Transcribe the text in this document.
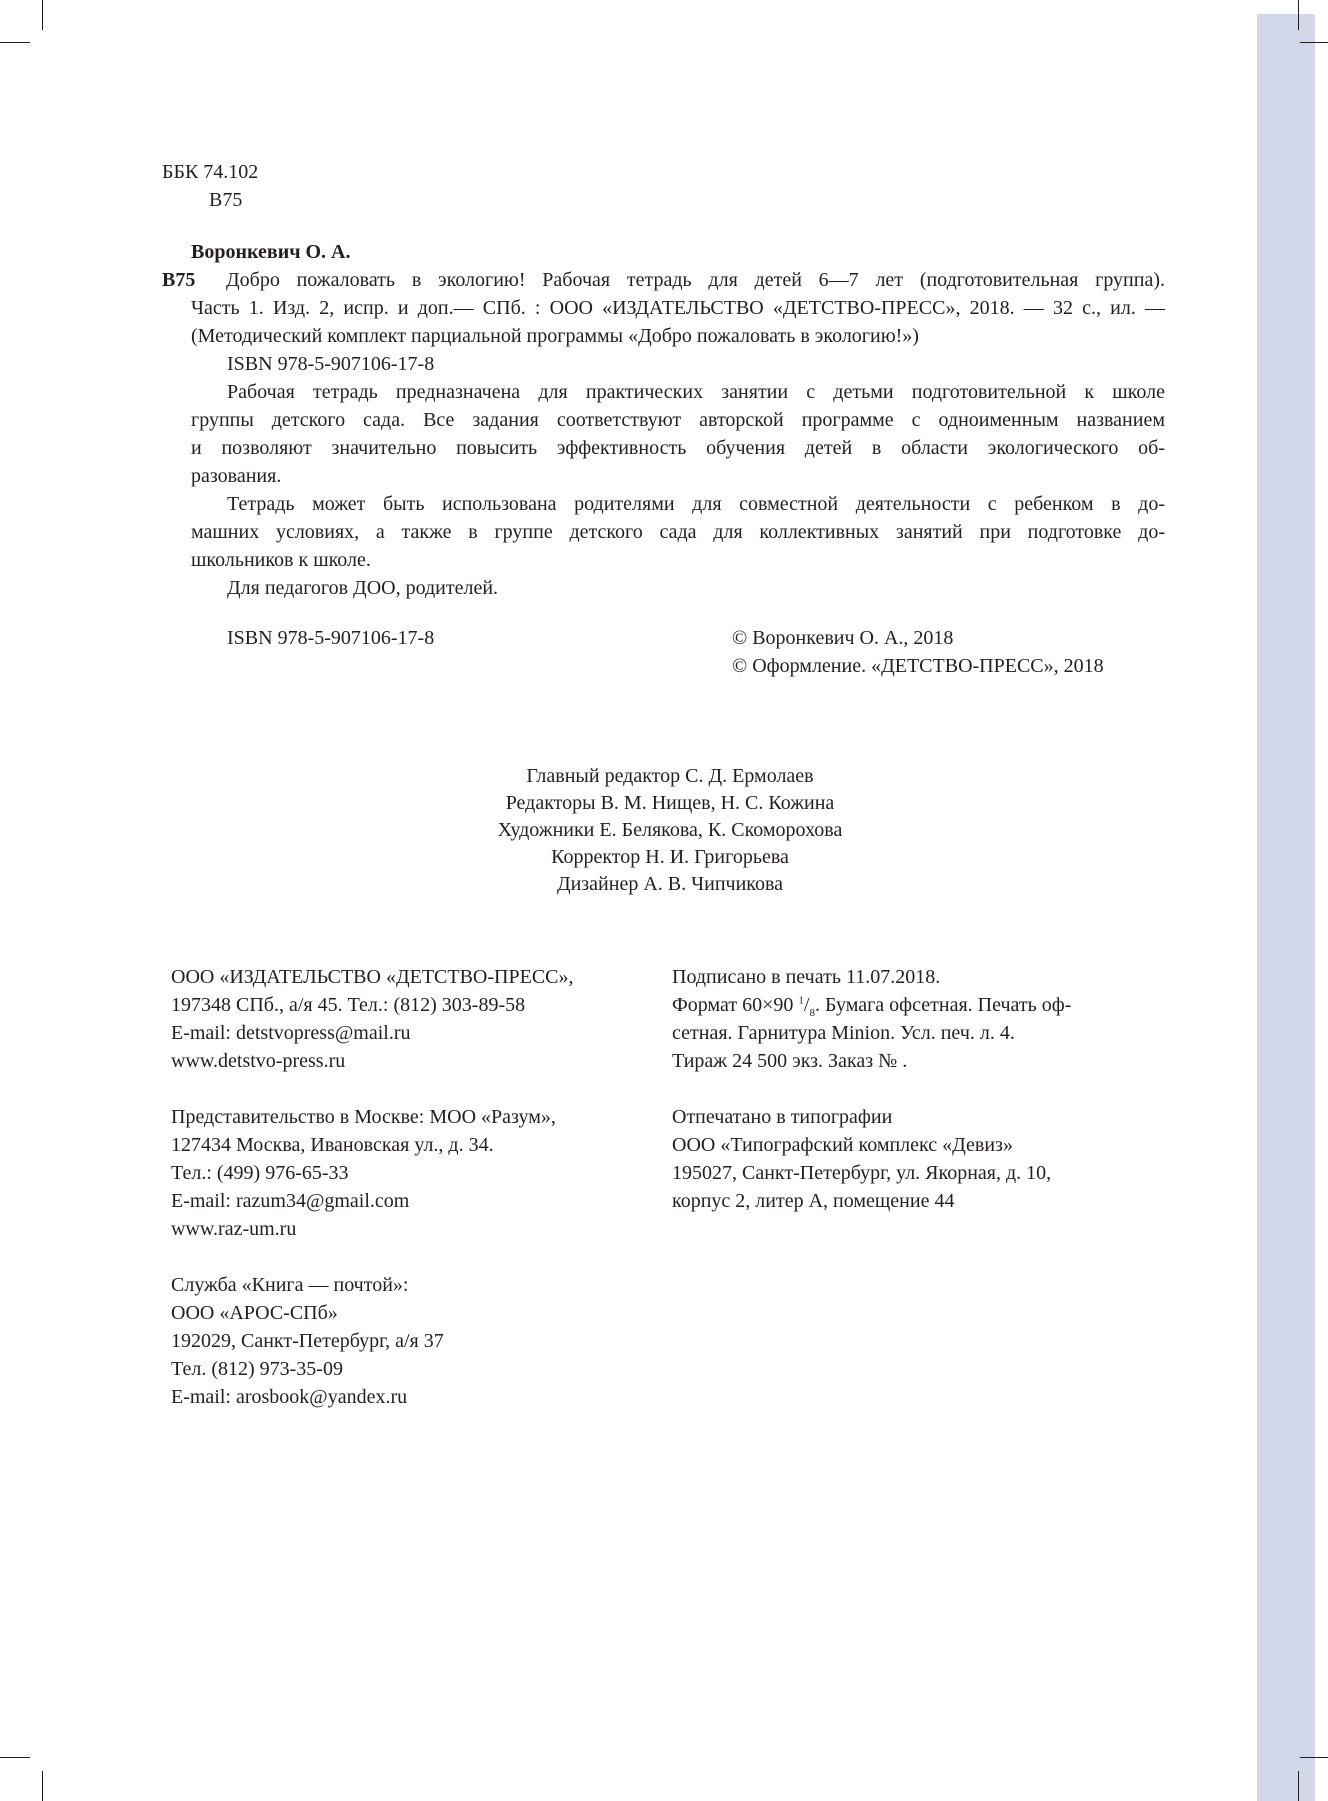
ББК 74.102
В75
Воронкевич О. А.
В75	Добро пожаловать в экологию! Рабочая тетрадь для детей 6—7 лет (подготовительная группа).

Часть 1. Изд. 2, испр. и доп.— СПб. : ООО «ИЗДАТЕЛЬСТВО «ДЕТСТВО-ПРЕСС», 2018. — 32 с., ил. —

(Методический комплект парциальной программы «Добро пожаловать в экологию!»)

ISBN 978-5-907106-17-8

Рабочая тетрадь предназначена для практических занятии с детьми подготовительной к школе

группы детского сада. Все задания соответствуют авторской программе с одноименным названием

и позволяют значительно повысить эффективность обучения детей в области экологического об-

разования.

Тетрадь может быть использована родителями для совместной деятельности с ребенком в до-

машних условиях, а также в группе детского сада для коллективных занятий при подготовке до-

школьников к школе.

Для педагогов ДОО, родителей.

ISBN 978-5-907106-17-8	© Воронкевич О. А., 2018
© Оформление. «ДЕТСТВО-ПРЕСС», 2018
Главный редактор С. Д. Ермолаев
Редакторы В. М. Нищев, Н. С. Кожина
Художники Е. Белякова, К. Скоморохова
Корректор Н. И. Григорьева
Дизайнер А. В. Чипчикова
ООО «ИЗДАТЕЛЬСТВО «ДЕТСТВО-ПРЕСС»,
197348 СПб., а/я 45. Тел.: (812) 303-89-58
E-mail: detstvopress@mail.ru
www.detstvo-press.ru
Представительство в Москве: МОО «Разум»,
127434 Москва, Ивановская ул., д. 34.
Тел.: (499) 976-65-33
E-mail: razum34@gmail.com
www.raz-um.ru
Служба «Книга — почтой»:
ООО «АРОС-СПб»
192029, Санкт-Петербург, а/я 37
Тел. (812) 973-35-09
E-mail: arosbook@yandex.ru
Подписано в печать 11.07.2018.
Формат 60×90 $^1/_8$. Бумага офсетная. Печать оф-
сетная. Гарнитура Minion. Усл. печ. л. 4.
Тираж 24 500 экз. Заказ № .
Отпечатано в типографии
ООО «Типографский комплекс «Девиз»
195027, Санкт-Петербург, ул. Якорная, д. 10,
корпус 2, литер А, помещение 44
